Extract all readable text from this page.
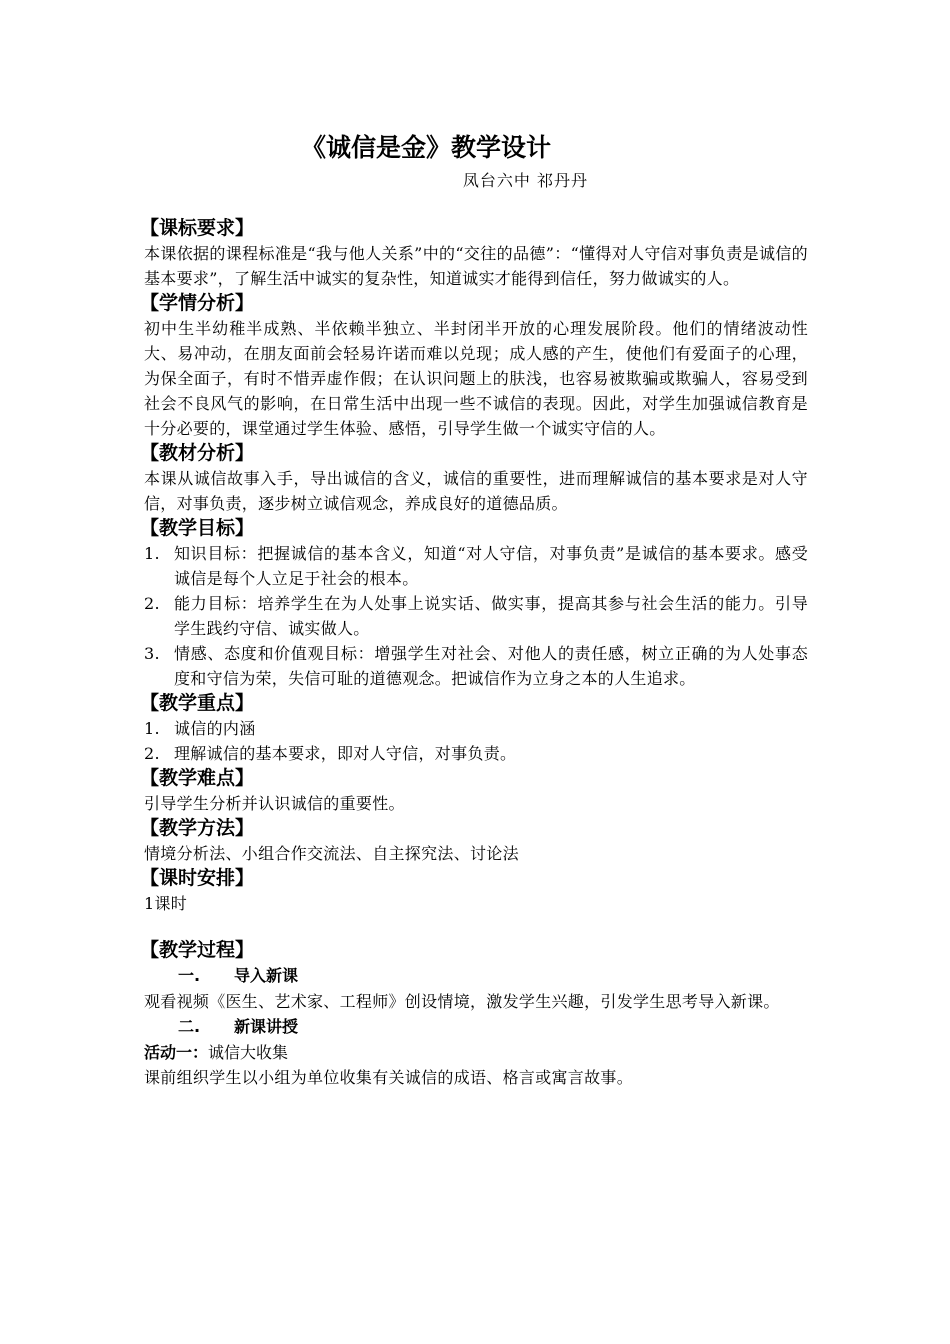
《诚信是金》教学设计
凤台六中 祁丹丹
【课标要求】
本课依据的课程标准是“我与他人关系”中的“交往的品德”：“懂得对人守信对事负责是诚信的基本要求”，了解生活中诚实的复杂性，知道诚实才能得到信任，努力做诚实的人。
【学情分析】
初中生半幼稚半成熟、半依赖半独立、半封闭半开放的心理发展阶段。他们的情绪波动性大、易冲动，在朋友面前会轻易许诺而难以兑现；成人感的产生，使他们有爱面子的心理，为保全面子，有时不惜弄虚作假；在认识问题上的肤浅，也容易被欺骗或欺骗人，容易受到社会不良风气的影响，在日常生活中出现一些不诚信的表现。因此，对学生加强诚信教育是十分必要的，课堂通过学生体验、感悟，引导学生做一个诚实守信的人。
【教材分析】
本课从诚信故事入手，导出诚信的含义，诚信的重要性，进而理解诚信的基本要求是对人守信，对事负责，逐步树立诚信观念，养成良好的道德品质。
【教学目标】
1. 知识目标：把握诚信的基本含义，知道“对人守信，对事负责”是诚信的基本要求。感受诚信是每个人立足于社会的根本。
2. 能力目标：培养学生在为人处事上说实话、做实事，提高其参与社会生活的能力。引导学生践约守信、诚实做人。
3. 情感、态度和价值观目标：增强学生对社会、对他人的责任感，树立正确的为人处事态度和守信为荣，失信可耻的道德观念。把诚信作为立身之本的人生追求。
【教学重点】
1. 诚信的内涵
2. 理解诚信的基本要求，即对人守信，对事负责。
【教学难点】
引导学生分析并认识诚信的重要性。
【教学方法】
情境分析法、小组合作交流法、自主探究法、讨论法
【课时安排】
1课时
【教学过程】
一.	导入新课
观看视频《医生、艺术家、工程师》创设情境，激发学生兴趣，引发学生思考导入新课。
二.	新课讲授
活动一：诚信大收集
课前组织学生以小组为单位收集有关诚信的成语、格言或寓言故事。
